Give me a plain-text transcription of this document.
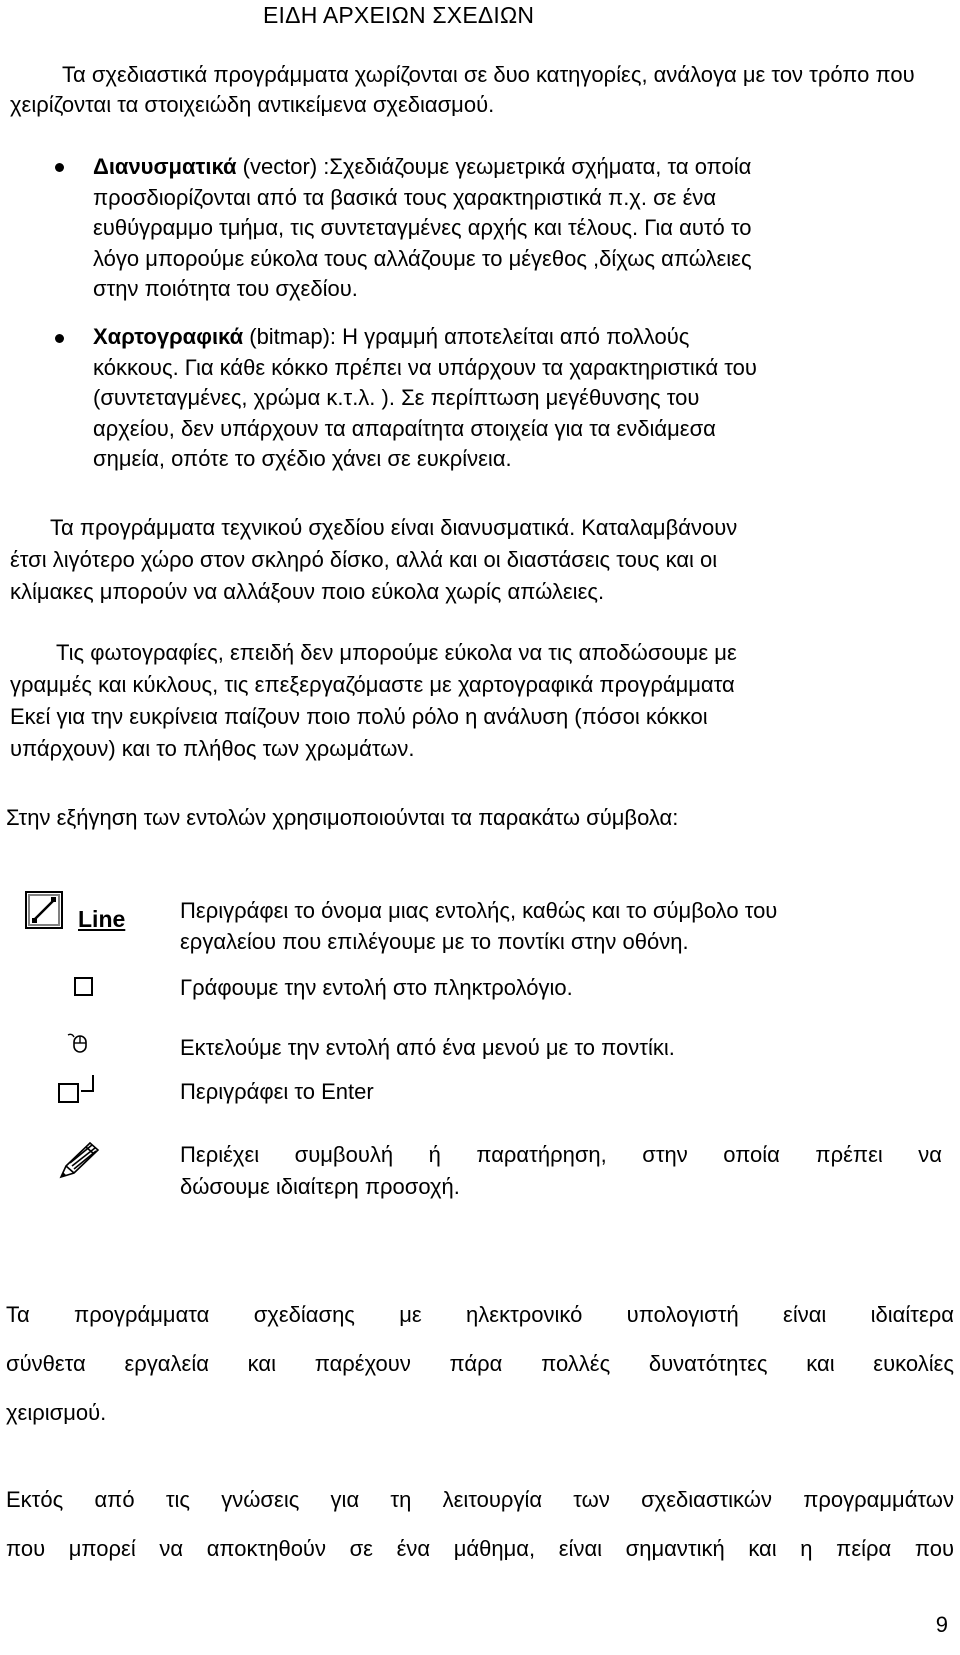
ΕΙΔΗ ΑΡΧΕΙΩΝ ΣΧΕΔΙΩΝ
Τα σχεδιαστικά προγράμματα χωρίζονται σε δυο κατηγορίες, ανάλογα με τον τρόπο που χειρίζονται τα στοιχειώδη αντικείμενα σχεδιασμού.
Διανυσματικά (vector) :Σχεδιάζουμε γεωμετρικά σχήματα, τα οποία
προσδιορίζονται από τα βασικά τους χαρακτηριστικά π.χ. σε ένα
ευθύγραμμο τμήμα, τις συντεταγμένες αρχής και τέλους. Για αυτό το
λόγο μπορούμε εύκολα τους αλλάζουμε το μέγεθος ,δίχως απώλειες
στην ποιότητα του σχεδίου.
Χαρτογραφικά (bitmap): Η γραμμή αποτελείται από πολλούς
κόκκους. Για κάθε κόκκο πρέπει να υπάρχουν τα χαρακτηριστικά του
(συντεταγμένες, χρώμα κ.τ.λ. ). Σε περίπτωση μεγέθυνσης του
αρχείου, δεν υπάρχουν τα απαραίτητα στοιχεία για τα ενδιάμεσα
σημεία, οπότε το σχέδιο χάνει σε ευκρίνεια.
Τα προγράμματα τεχνικού σχεδίου είναι διανυσματικά. Καταλαμβάνουν
έτσι λιγότερο χώρο στον σκληρό δίσκο, αλλά και οι διαστάσεις τους και οι
κλίμακες μπορούν να αλλάξουν ποιο εύκολα χωρίς απώλειες.
Τις φωτογραφίες, επειδή δεν μπορούμε εύκολα να τις αποδώσουμε με
γραμμές και κύκλους, τις επεξεργαζόμαστε με χαρτογραφικά προγράμματα
Εκεί για την ευκρίνεια παίζουν ποιο πολύ ρόλο η ανάλυση (πόσοι κόκκοι
υπάρχουν) και το πλήθος των χρωμάτων.
Στην εξήγηση των εντολών χρησιμοποιούνται τα παρακάτω σύμβολα:
Line Περιγράφει το όνομα μιας εντολής, καθώς και το σύμβολο του
εργαλείου που επιλέγουμε με το ποντίκι στην οθόνη.
Γράφουμε την εντολή στο πληκτρολόγιο.
Εκτελούμε την εντολή από ένα μενού με το ποντίκι.
Περιγράφει το Enter
Περιέχει συμβουλή ή παρατήρηση, στην οποία πρέπει να
δώσουμε ιδιαίτερη προσοχή.
Τα προγράμματα σχεδίασης με ηλεκτρονικό υπολογιστή είναι ιδιαίτερα
σύνθετα εργαλεία και παρέχουν πάρα πολλές δυνατότητες και ευκολίες
χειρισμού.
Εκτός από τις γνώσεις για τη λειτουργία των σχεδιαστικών προγραμμάτων
που μπορεί να αποκτηθούν σε ένα μάθημα, είναι σημαντική και η πείρα που
9
